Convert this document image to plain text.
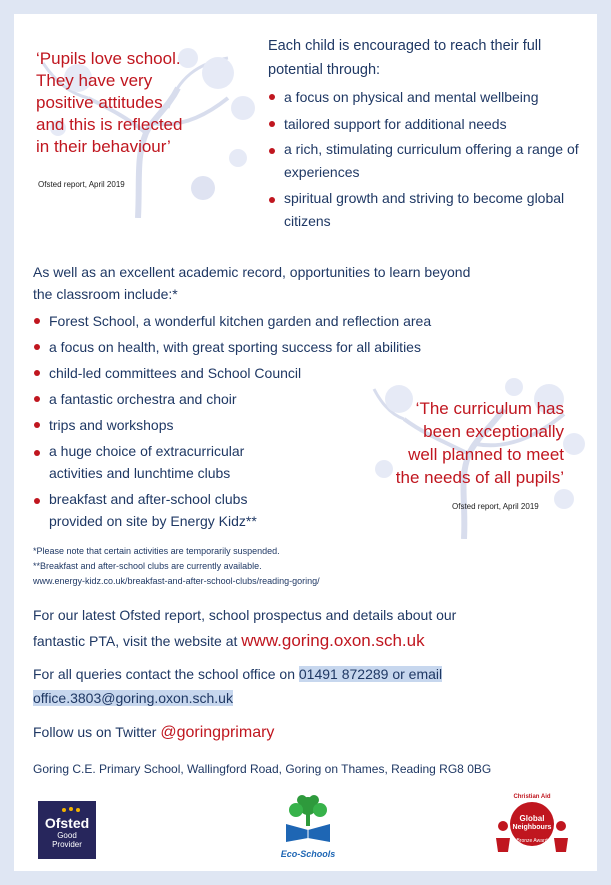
‘Pupils love school.
They have very
positive attitudes
and this is reflected
in their behaviour’
Ofsted report, April 2019
Each child is encouraged to reach their full
potential through:
a focus on physical and mental wellbeing
tailored support for additional needs
a rich, stimulating curriculum offering a range of experiences
spiritual growth and striving to become global citizens
As well as an excellent academic record, opportunities to learn beyond
the classroom include:*
Forest School, a wonderful kitchen garden and reflection area
a focus on health, with great sporting success for all abilities
child-led committees and School Council
a fantastic orchestra and choir
trips and workshops
a huge choice of extracurricular activities and lunchtime clubs
breakfast and after-school clubs provided on site by Energy Kidz**
‘The curriculum has
been exceptionally
well planned to meet
the needs of all pupils’
Ofsted report, April 2019
*Please note that certain activities are temporarily suspended.
**Breakfast and after-school clubs are currently available.
www.energy-kidz.co.uk/breakfast-and-after-school-clubs/reading-goring/
For our latest Ofsted report, school prospectus and details about our
fantastic PTA, visit the website at www.goring.oxon.sch.uk
For all queries contact the school office on 01491 872289 or email
office.3803@goring.oxon.sch.uk
Follow us on Twitter @goringprimary
Goring C.E. Primary School, Wallingford Road, Goring on Thames, Reading RG8 0BG
Ofsted
Good
Provider
Eco-Schools
Christian Aid
Global
Neighbours
Bronze Award
